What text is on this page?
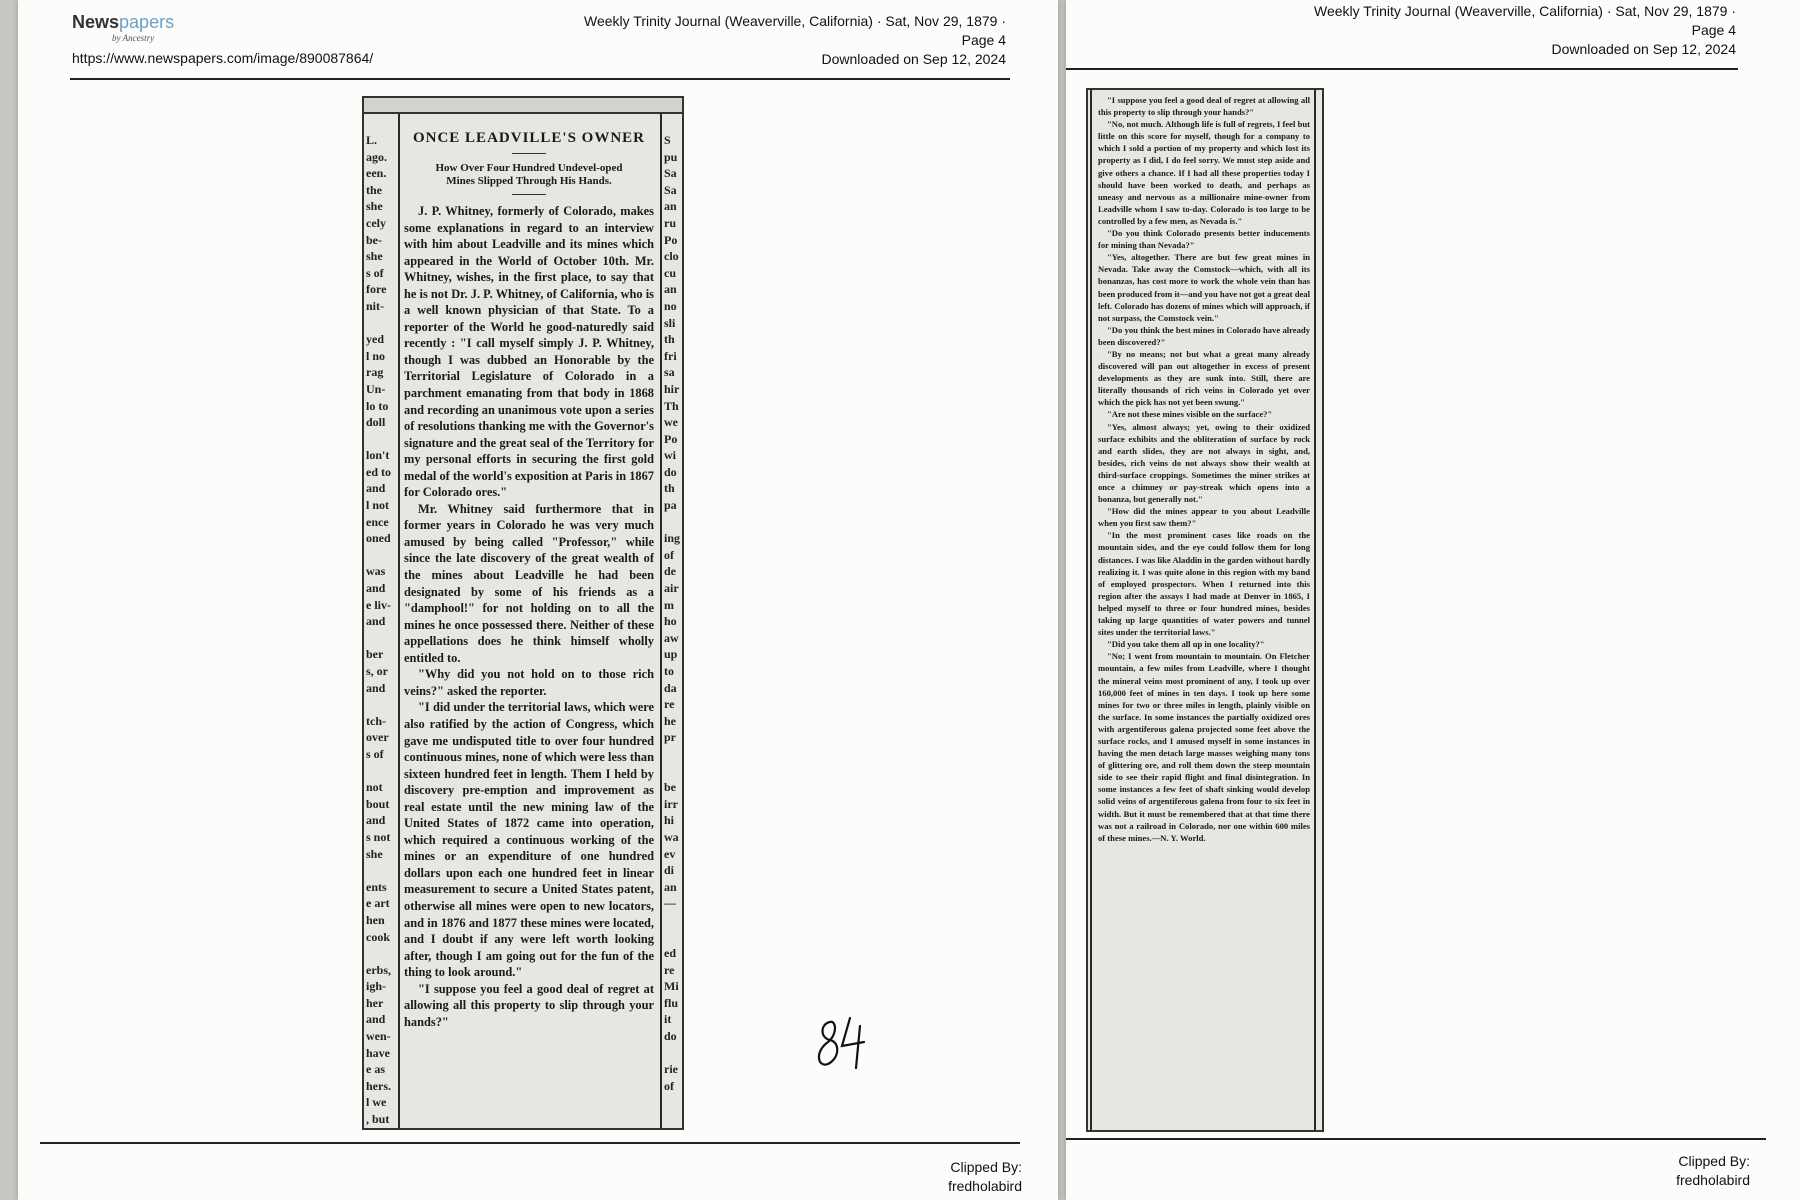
Newspapers
by Ancestry
https://www.newspapers.com/image/890087864/
Weekly Trinity Journal (Weaverville, California) · Sat, Nov 29, 1879 ·
Page 4
Downloaded on Sep 12, 2024
L.
ago.
een.
the
she
cely
be-
she
s of
fore
nit-

yed
l no
rag
Un-
lo to
doll

lon't
ed to
and
l not
ence
oned

was
and
e liv-
and

ber
s, or
and

tch-
over
s of

not
bout
and
s not
she

ents
e art
hen
cook

erbs,
igh-
her
and
wen-
have
e as
hers.
l we
, but
S
pu
Sa
Sa
an
ru
Po
clo
cu
an
no
sli
th
fri
sa
hir
Th
we
Po
wi
do
th
pa

ing
of
de
air
m
ho
aw
up
to
da
re
he
pr

be
irr
hi
wa
ev
di
an
—

ed
re
Mi
flu
it
do

rie
of
ONCE LEADVILLE'S OWNER
How Over Four Hundred Undevel-oped Mines Slipped Through His Hands.

J. P. Whitney, formerly of Colorado, makes some explanations in regard to an interview with him about Leadville and its mines which appeared in the World of October 10th. Mr. Whitney, wishes, in the first place, to say that he is not Dr. J. P. Whitney, of California, who is a well known physician of that State. To a reporter of the World he good-naturedly said recently : "I call myself simply J. P. Whitney, though I was dubbed an Honorable by the Territorial Legislature of Colorado in a parchment emanating from that body in 1868 and recording an unanimous vote upon a series of resolutions thanking me with the Governor's signature and the great seal of the Territory for my personal efforts in securing the first gold medal of the world's exposition at Paris in 1867 for Colorado ores."

Mr. Whitney said furthermore that in former years in Colorado he was very much amused by being called "Professor," while since the late discovery of the great wealth of the mines about Leadville he had been designated by some of his friends as a "damphool!" for not holding on to all the mines he once possessed there. Neither of these appellations does he think himself wholly entitled to.

"Why did you not hold on to those rich veins?" asked the reporter.

"I did under the territorial laws, which were also ratified by the action of Congress, which gave me undisputed title to over four hundred continuous mines, none of which were less than sixteen hundred feet in length. Them I held by discovery pre-emption and improvement as real estate until the new mining law of the United States of 1872 came into operation, which required a continuous working of the mines or an expenditure of one hundred dollars upon each one hundred feet in linear measurement to secure a United States patent, otherwise all mines were open to new locators, and in 1876 and 1877 these mines were located, and I doubt if any were left worth looking after, though I am going out for the fun of the thing to look around."

"I suppose you feel a good deal of regret at allowing all this property to slip through your hands?"

Clipped By:
fredholabird
Weekly Trinity Journal (Weaverville, California) · Sat, Nov 29, 1879 ·
Page 4
Downloaded on Sep 12, 2024

"I suppose you feel a good deal of regret at allowing all this property to slip through your hands?"

"No, not much. Although life is full of regrets, I feel but little on this score for myself, though for a company to which I sold a portion of my property and which lost its property as I did, I do feel sorry. We must step aside and give others a chance. If I had all these properties today I should have been worked to death, and perhaps as uneasy and nervous as a millionaire mine-owner from Leadville whom I saw to-day. Colorado is too large to be controlled by a few men, as Nevada is."

"Do you think Colorado presents better inducements for mining than Nevada?"

"Yes, altogether. There are but few great mines in Nevada. Take away the Comstock—which, with all its bonanzas, has cost more to work the whole vein than has been produced from it—and you have not got a great deal left. Colorado has dozens of mines which will approach, if not surpass, the Comstock vein."

"Do you think the best mines in Colorado have already been discovered?"

"By no means; not but what a great many already discovered will pan out altogether in excess of present developments as they are sunk into. Still, there are literally thousands of rich veins in Colorado yet over which the pick has not yet been swung."

"Are not these mines visible on the surface?"

"Yes, almost always; yet, owing to their oxidized surface exhibits and the obliteration of surface by rock and earth slides, they are not always in sight, and, besides, rich veins do not always show their wealth at third-surface croppings. Sometimes the miner strikes at once a chimney or pay-streak which opens into a bonanza, but generally not."

"How did the mines appear to you about Leadville when you first saw them?"

"In the most prominent cases like roads on the mountain sides, and the eye could follow them for long distances. I was like Aladdin in the garden without hardly realizing it. I was quite alone in this region with my band of employed prospectors. When I returned into this region after the assays I had made at Denver in 1865, I helped myself to three or four hundred mines, besides taking up large quantities of water powers and tunnel sites under the territorial laws."

"Did you take them all up in one locality?"

"No; I went from mountain to mountain. On Fletcher mountain, a few miles from Leadville, where I thought the mineral veins most prominent of any, I took up over 160,000 feet of mines in ten days. I took up here some mines for two or three miles in length, plainly visible on the surface. In some instances the partially oxidized ores with argentiferous galena projected some feet above the surface rocks, and I amused myself in some instances in having the men detach large masses weighing many tons of glittering ore, and roll them down the steep mountain side to see their rapid flight and final disintegration. In some instances a few feet of shaft sinking would develop solid veins of argentiferous galena from four to six feet in width. But it must be remembered that at that time there was not a railroad in Colorado, nor one within 600 miles of these mines.—N. Y. World.

Clipped By:
fredholabird
